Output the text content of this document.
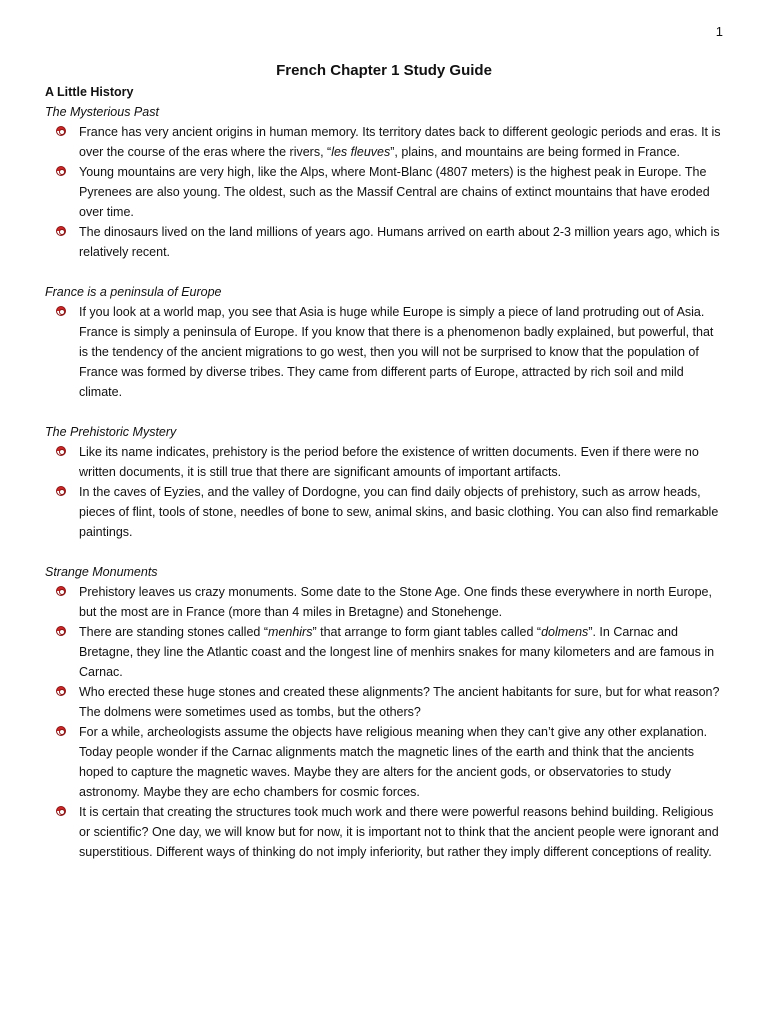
1
French Chapter 1 Study Guide
A Little History
The Mysterious Past
France has very ancient origins in human memory. Its territory dates back to different geologic periods and eras. It is over the course of the eras where the rivers, “les fleuves”, plains, and mountains are being formed in France.
Young mountains are very high, like the Alps, where Mont-Blanc (4807 meters) is the highest peak in Europe. The Pyrenees are also young. The oldest, such as the Massif Central are chains of extinct mountains that have eroded over time.
The dinosaurs lived on the land millions of years ago. Humans arrived on earth about 2-3 million years ago, which is relatively recent.
France is a peninsula of Europe
If you look at a world map, you see that Asia is huge while Europe is simply a piece of land protruding out of Asia. France is simply a peninsula of Europe. If you know that there is a phenomenon badly explained, but powerful, that is the tendency of the ancient migrations to go west, then you will not be surprised to know that the population of France was formed by diverse tribes. They came from different parts of Europe, attracted by rich soil and mild climate.
The Prehistoric Mystery
Like its name indicates, prehistory is the period before the existence of written documents. Even if there were no written documents, it is still true that there are significant amounts of important artifacts.
In the caves of Eyzies, and the valley of Dordogne, you can find daily objects of prehistory, such as arrow heads, pieces of flint, tools of stone, needles of bone to sew, animal skins, and basic clothing. You can also find remarkable paintings.
Strange Monuments
Prehistory leaves us crazy monuments. Some date to the Stone Age. One finds these everywhere in north Europe, but the most are in France (more than 4 miles in Bretagne) and Stonehenge.
There are standing stones called “menhirs” that arrange to form giant tables called “dolmens”. In Carnac and Bretagne, they line the Atlantic coast and the longest line of menhirs snakes for many kilometers and are famous in Carnac.
Who erected these huge stones and created these alignments? The ancient habitants for sure, but for what reason? The dolmens were sometimes used as tombs, but the others?
For a while, archeologists assume the objects have religious meaning when they can’t give any other explanation. Today people wonder if the Carnac alignments match the magnetic lines of the earth and think that the ancients hoped to capture the magnetic waves. Maybe they are alters for the ancient gods, or observatories to study astronomy. Maybe they are echo chambers for cosmic forces.
It is certain that creating the structures took much work and there were powerful reasons behind building. Religious or scientific? One day, we will know but for now, it is important not to think that the ancient people were ignorant and superstitious. Different ways of thinking do not imply inferiority, but rather they imply different conceptions of reality.
